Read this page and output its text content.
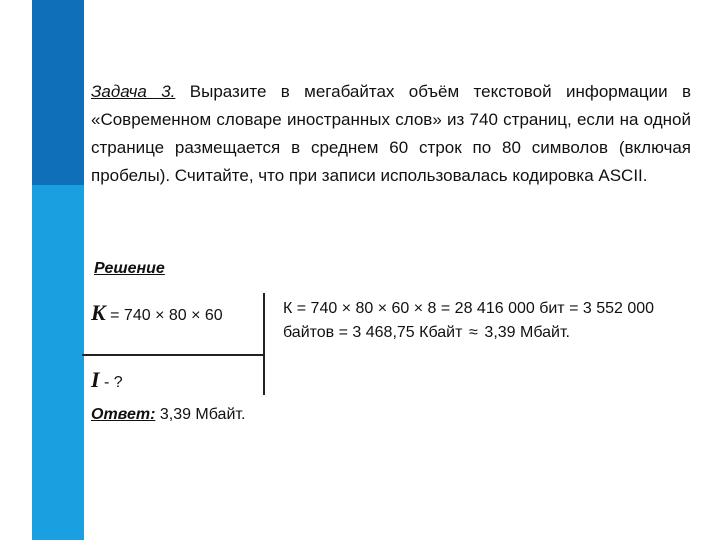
Задача 3. Выразите в мегабайтах объём текстовой информации в «Современном словаре иностранных слов» из 740 страниц, если на одной странице размещается в среднем 60 строк по 80 символов (включая пробелы). Считайте, что при записи использовалась кодировка ASCII.
Решение
K = 740 × 80 × 60
I - ?
К = 740 × 80 × 60 × 8 = 28 416 000 бит = 3 552 000 байтов = 3 468,75 Кбайт ≈ 3,39 Мбайт.
Ответ: 3,39 Мбайт.
